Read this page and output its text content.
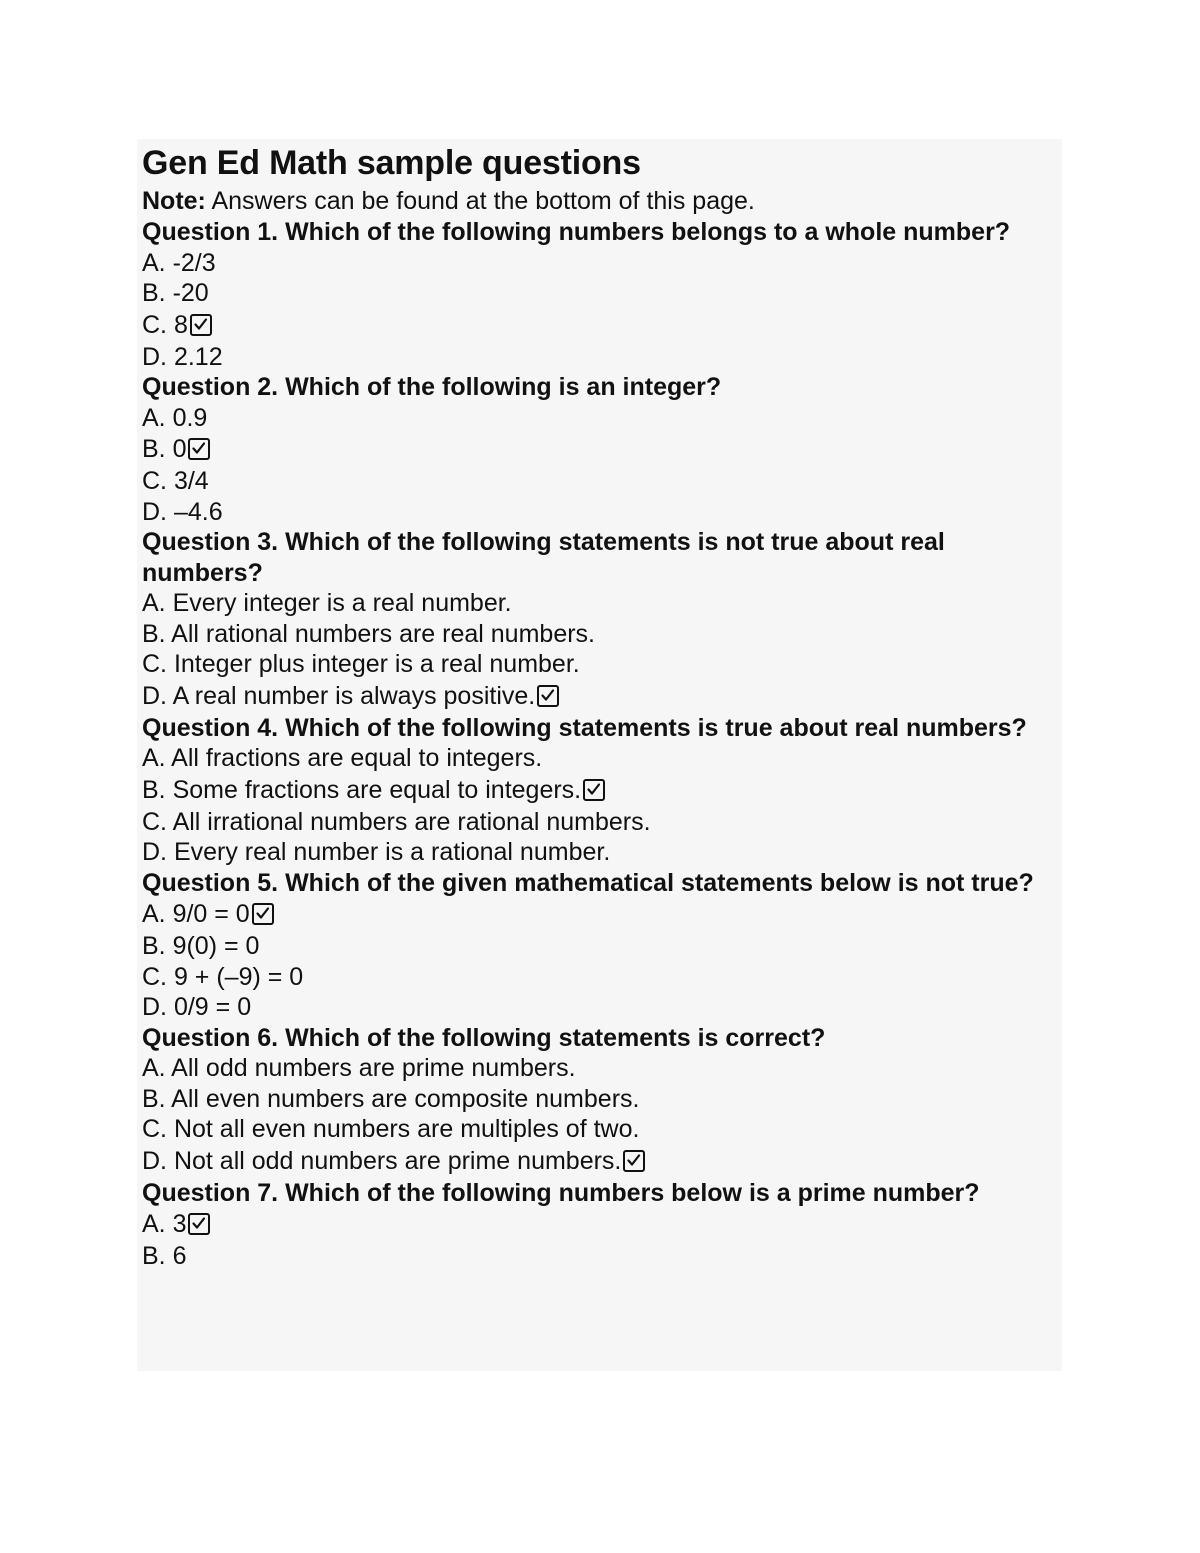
Gen Ed Math sample questions

Note: Answers can be found at the bottom of this page.

Question 1. Which of the following numbers belongs to a whole number?

A. -2/3

B. -20

C. 8

D. 2.12

Question 2. Which of the following is an integer?

A. 0.9

B. 0

C. 3/4

D. –4.6

Question 3. Which of the following statements is not true about real numbers?

A. Every integer is a real number.

B. All rational numbers are real numbers.

C. Integer plus integer is a real number.

D. A real number is always positive.

Question 4. Which of the following statements is true about real numbers?

A. All fractions are equal to integers.

B. Some fractions are equal to integers.

C. All irrational numbers are rational numbers.

D. Every real number is a rational number.

Question 5. Which of the given mathematical statements below is not true?

A. 9/0 = 0

B. 9(0) = 0

C. 9 + (–9) = 0

D. 0/9 = 0

Question 6. Which of the following statements is correct?

A. All odd numbers are prime numbers.

B. All even numbers are composite numbers.

C. Not all even numbers are multiples of two.

D. Not all odd numbers are prime numbers.

Question 7. Which of the following numbers below is a prime number?

A. 3

B. 6
